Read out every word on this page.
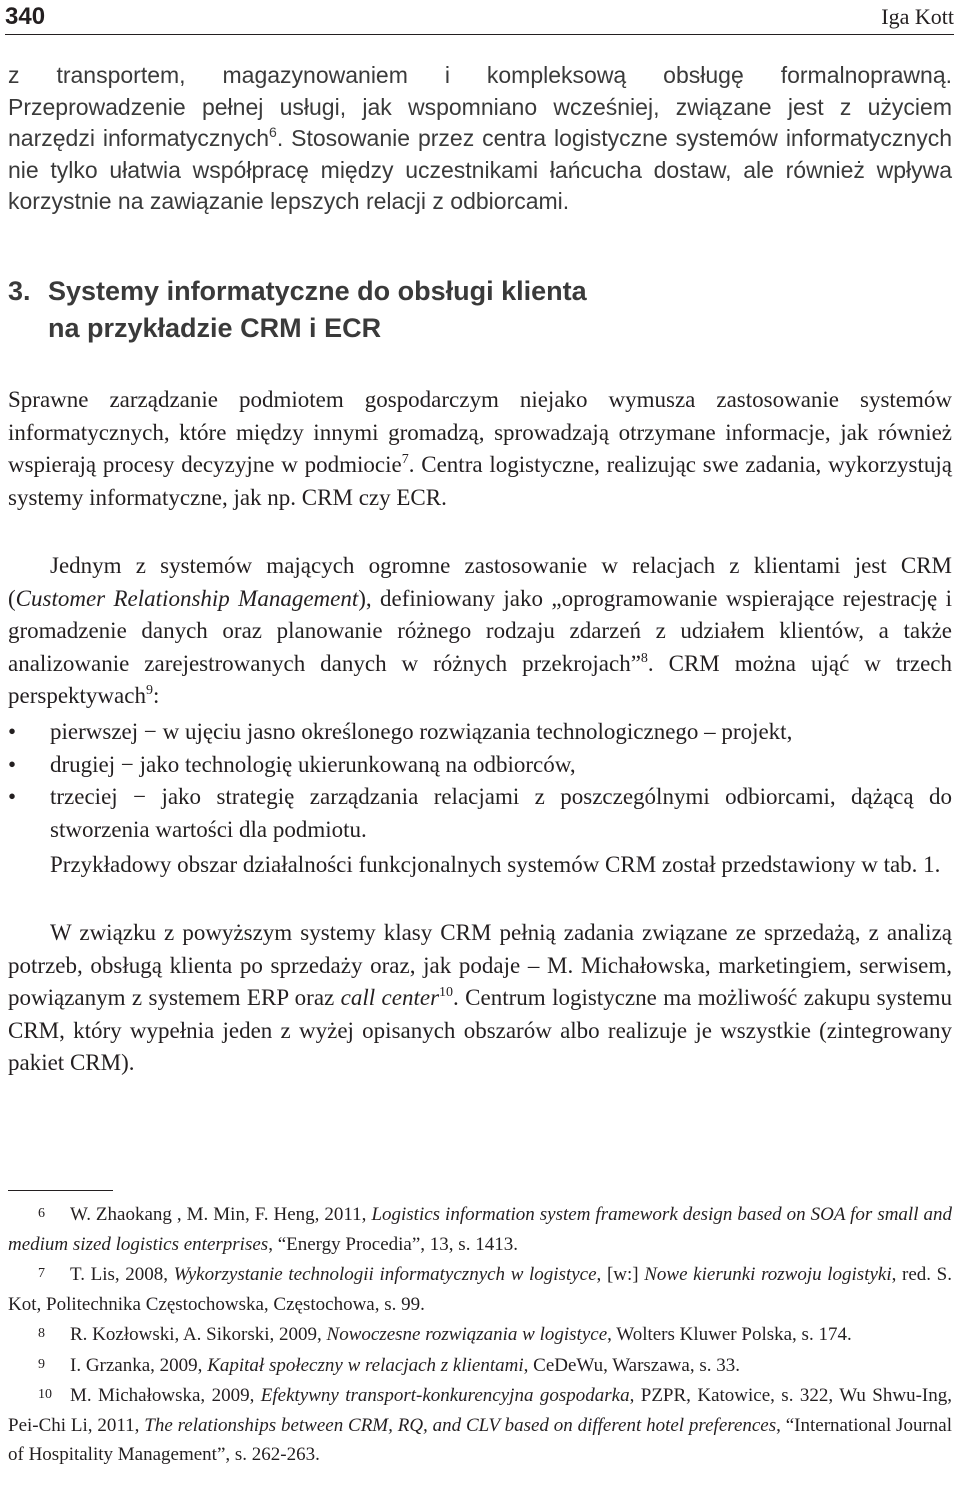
340	Iga Kott

z transportem, magazynowaniem i kompleksową obsługę formalnoprawną. Przeprowadzenie pełnej usługi, jak wspomniano wcześniej, związane jest z użyciem narzędzi informatycznych$^6$. Stosowanie przez centra logistyczne systemów informatycznych nie tylko ułatwia współpracę między uczestnikami łańcucha dostaw, ale również wpływa korzystnie na zawiązanie lepszych relacji z odbiorcami.

3. Systemy informatyczne do obsługi klienta
na przykładzie CRM i ECR

Sprawne zarządzanie podmiotem gospodarczym niejako wymusza zastosowanie systemów informatycznych, które między innymi gromadzą, sprowadzają otrzymane informacje, jak również wspierają procesy decyzyjne w podmiocie$^7$. Centra logistyczne, realizując swe zadania, wykorzystują systemy informatyczne, jak np. CRM czy ECR.

Jednym z systemów mających ogromne zastosowanie w relacjach z klientami jest CRM (Customer Relationship Management), definiowany jako „oprogramowanie wspierające rejestrację i gromadzenie danych oraz planowanie różnego rodzaju zdarzeń z udziałem klientów, a także analizowanie zarejestrowanych danych w różnych przekrojach”$^8$. CRM można ująć w trzech perspektywach$^9$:

• pierwszej − w ujęciu jasno określonego rozwiązania technologicznego – projekt,
• drugiej − jako technologię ukierunkowaną na odbiorców,
• trzeciej − jako strategię zarządzania relacjami z poszczególnymi odbiorcami, dążącą do stworzenia wartości dla podmiotu.

Przykładowy obszar działalności funkcjonalnych systemów CRM został przedstawiony w tab. 1.

W związku z powyższym systemy klasy CRM pełnią zadania związane ze sprzedażą, z analizą potrzeb, obsługą klienta po sprzedaży oraz, jak podaje – M. Michałowska, marketingiem, serwisem, powiązanym z systemem ERP oraz call center$^{10}$. Centrum logistyczne ma możliwość zakupu systemu CRM, który wypełnia jeden z wyżej opisanych obszarów albo realizuje je wszystkie (zintegrowany pakiet CRM).

6 W. Zhaokang , M. Min, F. Heng, 2011, Logistics information system framework design based on SOA for small and medium sized logistics enterprises, “Energy Procedia”, 13, s. 1413.

7 T. Lis, 2008, Wykorzystanie technologii informatycznych w logistyce, [w:] Nowe kierunki rozwoju logistyki, red. S. Kot, Politechnika Częstochowska, Częstochowa, s. 99.

8 R. Kozłowski, A. Sikorski, 2009, Nowoczesne rozwiązania w logistyce, Wolters Kluwer Polska, s. 174.

9 I. Grzanka, 2009, Kapitał społeczny w relacjach z klientami, CeDeWu, Warszawa, s. 33.

10 M. Michałowska, 2009, Efektywny transport-konkurencyjna gospodarka, PZPR, Katowice, s. 322, Wu Shwu-Ing, Pei-Chi Li, 2011, The relationships between CRM, RQ, and CLV based on different hotel preferences, “International Journal of Hospitality Management”, s. 262-263.
